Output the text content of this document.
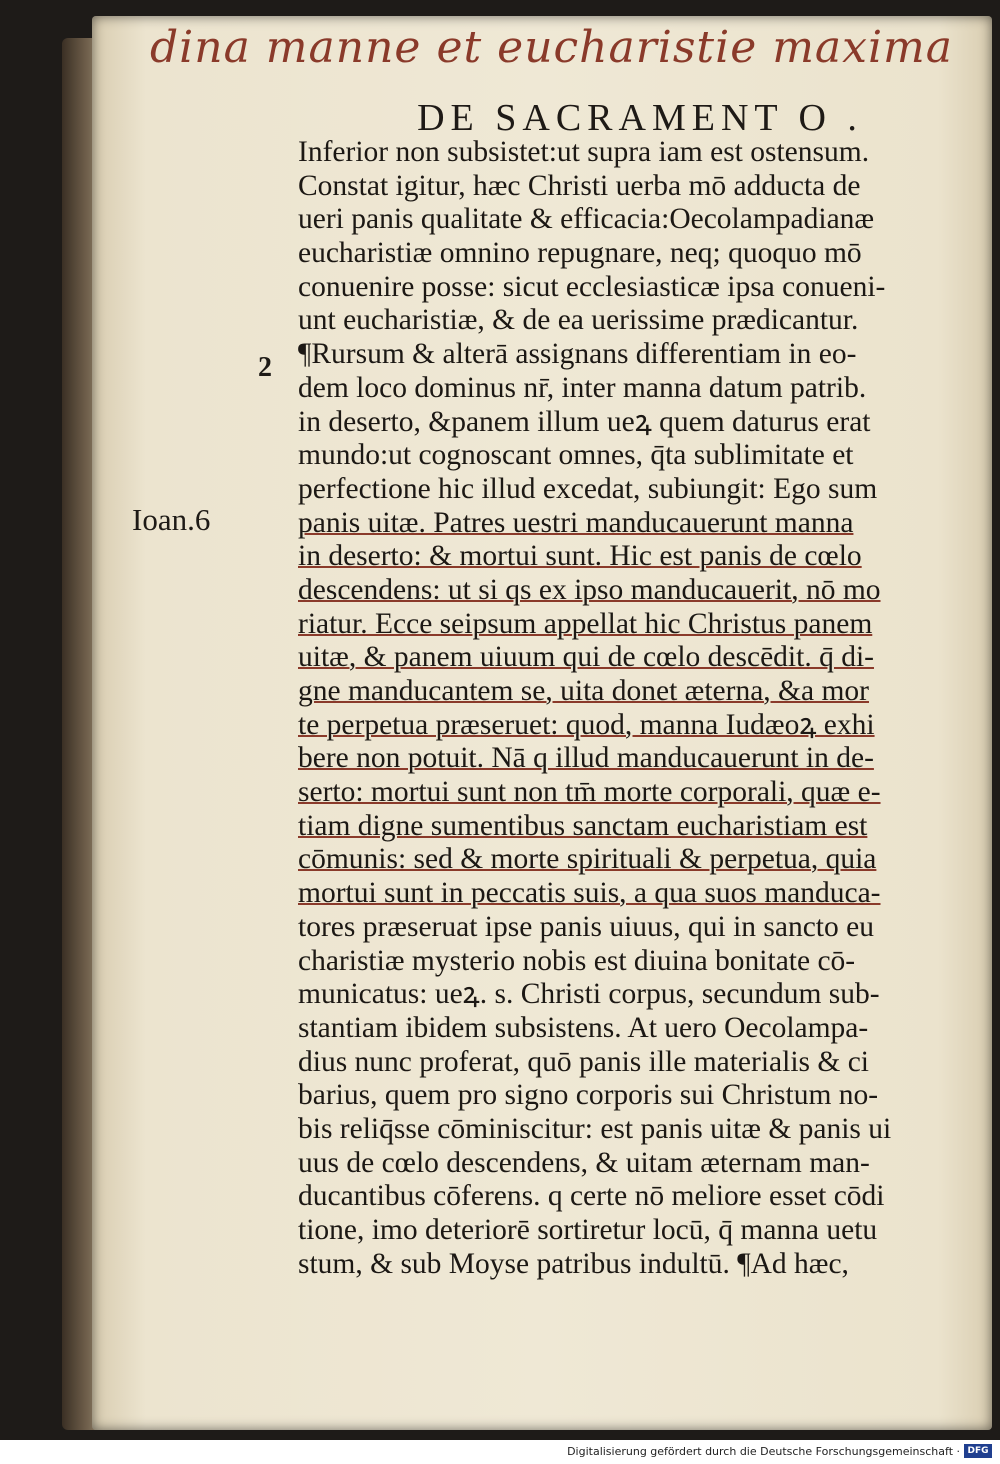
dina manne et eucharistie maxima
DE SACRAMENT O .
2
Ioan.6
Inferior non subsistet:ut supra iam est ostensum.
Constat igitur, hæc Christi uerba mō adducta de
ueri panis qualitate & efficacia:Oecolampadianæ
eucharistiæ omnino repugnare, neq; quoquo mō
conuenire posse: sicut ecclesiasticæ ipsa conueni-
unt eucharistiæ, & de ea uerissime prædicantur.
¶Rursum & alterā assignans differentiam in eo-
dem loco dominus nr̄, inter manna datum patrib.
in deserto, &panem illum ueꝝ quem daturus erat
mundo:ut cognoscant omnes, q̄ta sublimitate et
perfectione hic illud excedat, subiungit: Ego sum
panis uitæ. Patres uestri manducauerunt manna
in deserto: & mortui sunt. Hic est panis de cœlo
descendens: ut si qs ex ipso manducauerit, nō mo
riatur. Ecce seipsum appellat hic Christus panem
uitæ, & panem uiuum qui de cœlo descēdit. q̄ di-
gne manducantem se, uita donet æterna, &a mor
te perpetua præseruet: quod, manna Iudæoꝝ exhi
bere non potuit. Nā q illud manducauerunt in de-
serto: mortui sunt non tm̄ morte corporali, quæ e-
tiam digne sumentibus sanctam eucharistiam est
cōmunis: sed & morte spirituali & perpetua, quia
mortui sunt in peccatis suis, a qua suos manduca-
tores præseruat ipse panis uiuus, qui in sancto eu
charistiæ mysterio nobis est diuina bonitate cō-
municatus: ueꝝ. s. Christi corpus, secundum sub-
stantiam ibidem subsistens. At uero Oecolampa-
dius nunc proferat, quō panis ille materialis & ci
barius, quem pro signo corporis sui Christum no-
bis reliq̄sse cōminiscitur: est panis uitæ & panis ui
uus de cœlo descendens, & uitam æternam man-
ducantibus cōferens. q certe nō meliore esset cōdi
tione, imo deteriorē sortiretur locū, q̄ manna uetu
stum, & sub Moyse patribus indultū. ¶Ad hæc,
Digitalisierung gefördert durch die Deutsche Forschungsgemeinschaft · DFG
